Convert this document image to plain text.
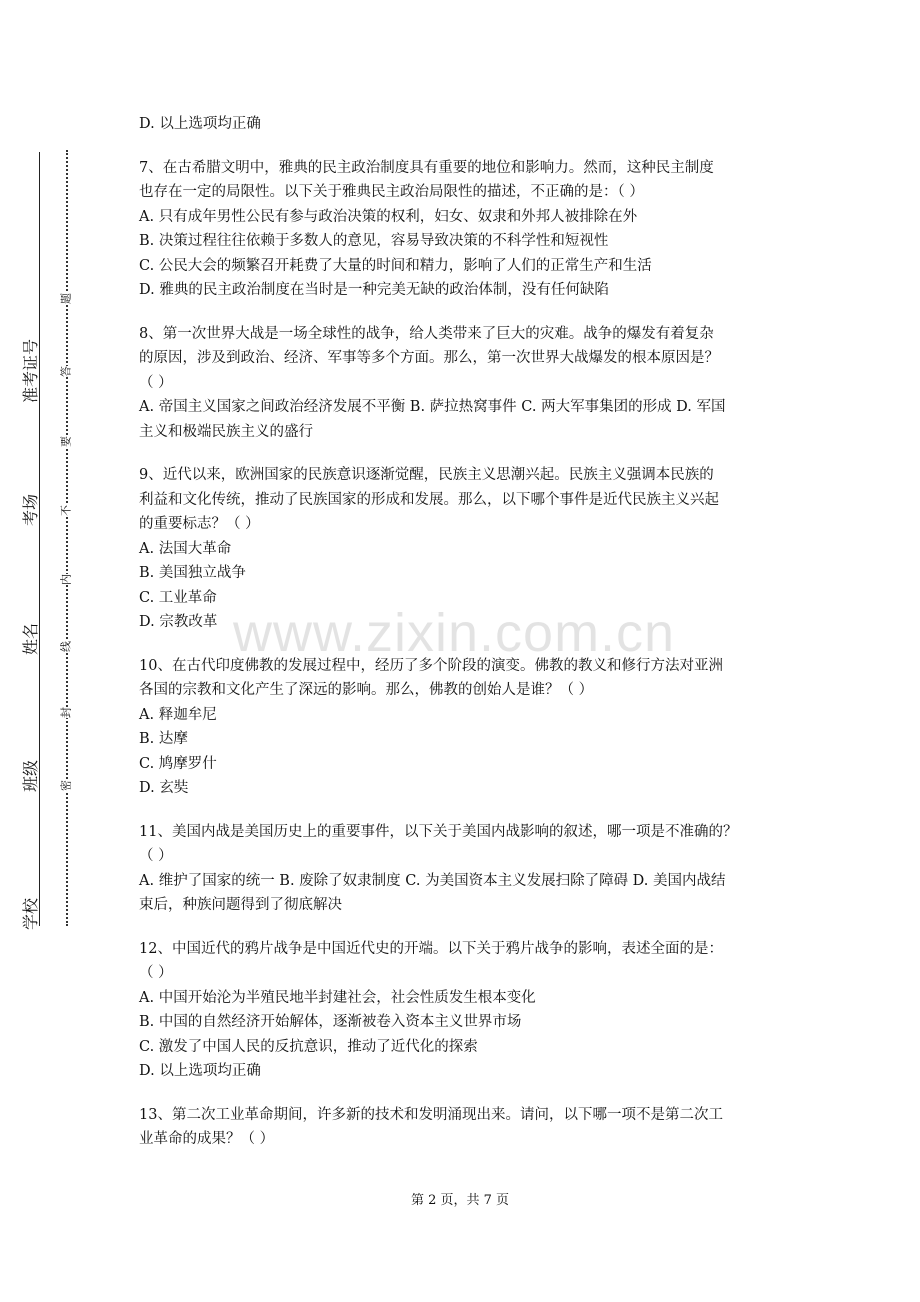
学校
班级
姓名
考场
准考证号
密
封
线
内
不
要
答
题
www.zixin.com.cn
D. 以上选项均正确
7、在古希腊文明中，雅典的民主政治制度具有重要的地位和影响力。然而，这种民主制度
也存在一定的局限性。以下关于雅典民主政治局限性的描述，不正确的是：（ ）
A. 只有成年男性公民有参与政治决策的权利，妇女、奴隶和外邦人被排除在外
B. 决策过程往往依赖于多数人的意见，容易导致决策的不科学性和短视性
C. 公民大会的频繁召开耗费了大量的时间和精力，影响了人们的正常生产和生活
D. 雅典的民主政治制度在当时是一种完美无缺的政治体制，没有任何缺陷
8、第一次世界大战是一场全球性的战争，给人类带来了巨大的灾难。战争的爆发有着复杂
的原因，涉及到政治、经济、军事等多个方面。那么，第一次世界大战爆发的根本原因是？
（ ）
A. 帝国主义国家之间政治经济发展不平衡 B. 萨拉热窝事件 C. 两大军事集团的形成 D. 军国
主义和极端民族主义的盛行
9、近代以来，欧洲国家的民族意识逐渐觉醒，民族主义思潮兴起。民族主义强调本民族的
利益和文化传统，推动了民族国家的形成和发展。那么，以下哪个事件是近代民族主义兴起
的重要标志？（ ）
A. 法国大革命
B. 美国独立战争
C. 工业革命
D. 宗教改革
10、在古代印度佛教的发展过程中，经历了多个阶段的演变。佛教的教义和修行方法对亚洲
各国的宗教和文化产生了深远的影响。那么，佛教的创始人是谁？（ ）
A. 释迦牟尼
B. 达摩
C. 鸠摩罗什
D. 玄奘
11、美国内战是美国历史上的重要事件，以下关于美国内战影响的叙述，哪一项是不准确的？
（ ）
A. 维护了国家的统一 B. 废除了奴隶制度 C. 为美国资本主义发展扫除了障碍 D. 美国内战结
束后，种族问题得到了彻底解决
12、中国近代的鸦片战争是中国近代史的开端。以下关于鸦片战争的影响，表述全面的是：
（ ）
A. 中国开始沦为半殖民地半封建社会，社会性质发生根本变化
B. 中国的自然经济开始解体，逐渐被卷入资本主义世界市场
C. 激发了中国人民的反抗意识，推动了近代化的探索
D. 以上选项均正确
13、第二次工业革命期间，许多新的技术和发明涌现出来。请问，以下哪一项不是第二次工
业革命的成果？（ ）
第 2 页，共 7 页
